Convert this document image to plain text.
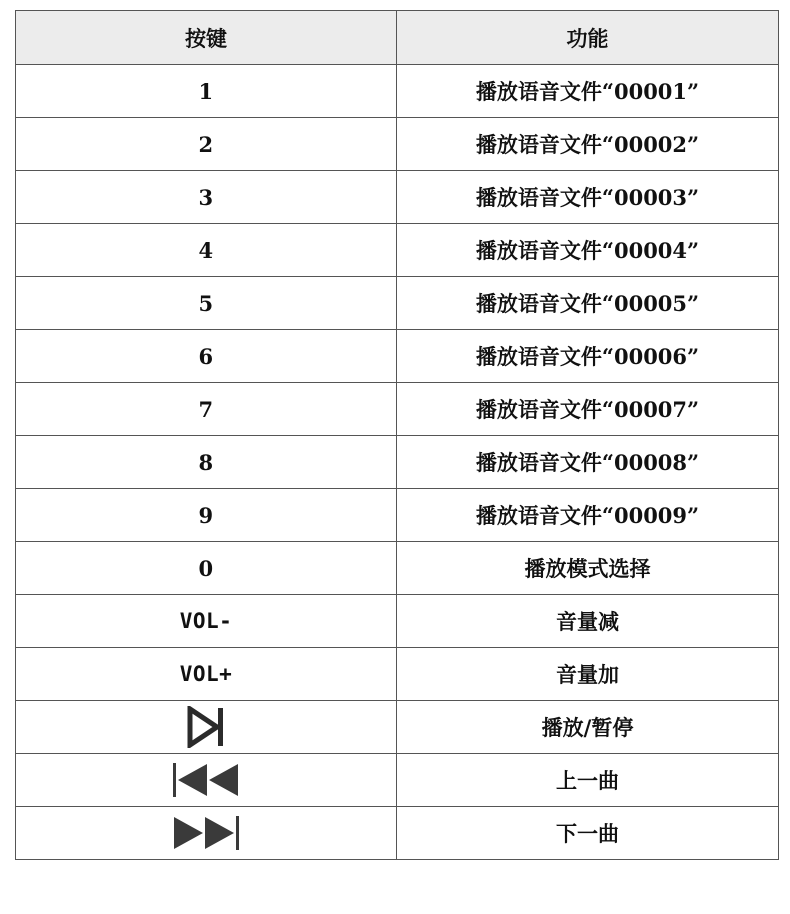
按键	功能
1	播放语音文件“00001”
2	播放语音文件“00002”
3	播放语音文件“00003”
4	播放语音文件“00004”
5	播放语音文件“00005”
6	播放语音文件“00006”
7	播放语音文件“00007”
8	播放语音文件“00008”
9	播放语音文件“00009”
0	播放模式选择
VOL-	音量减
VOL+	音量加

	播放/暂停

	上一曲

	下一曲
